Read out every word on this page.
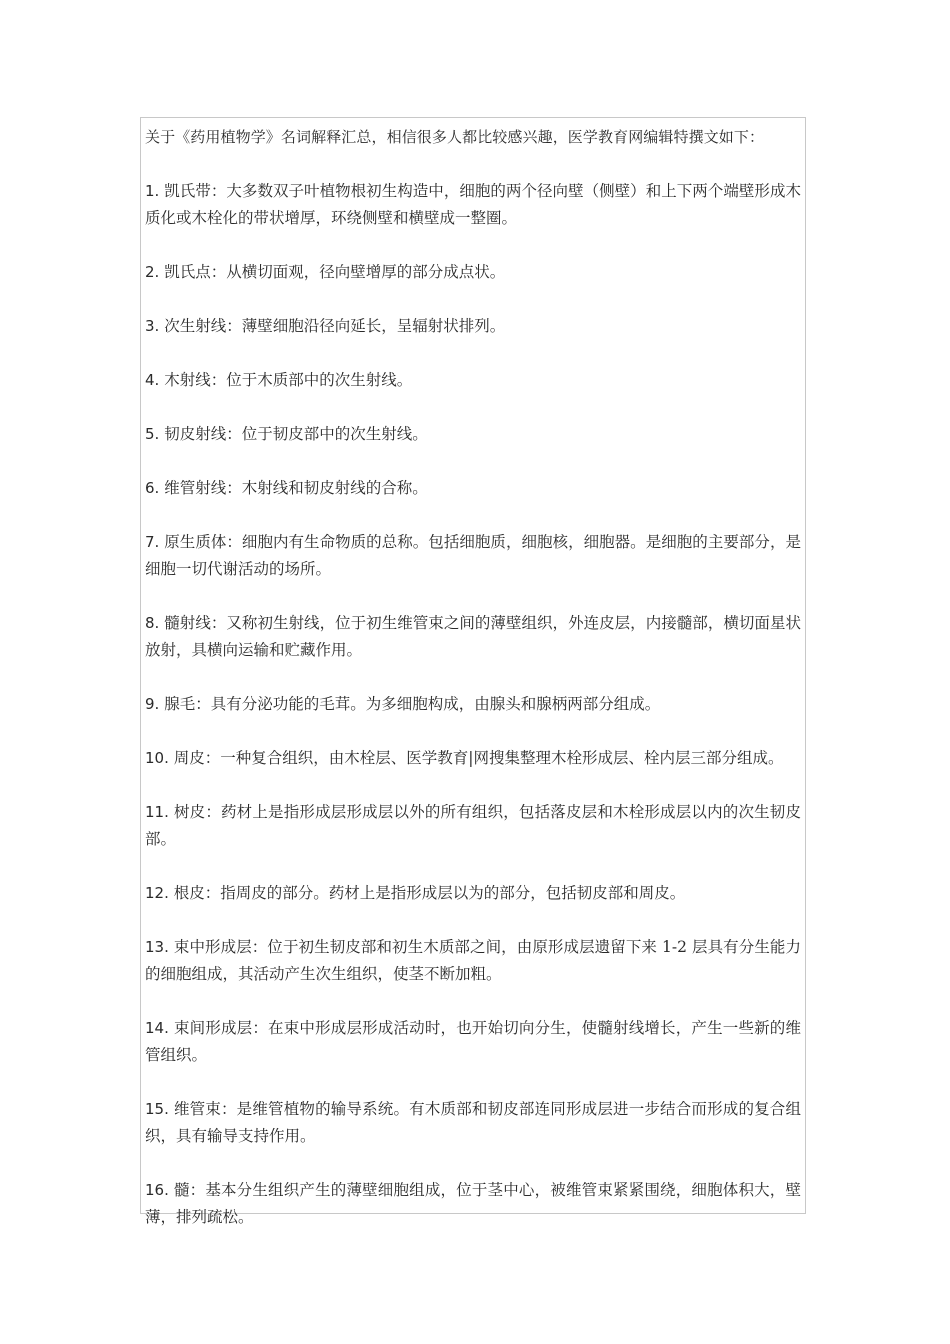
关于《药用植物学》名词解释汇总，相信很多人都比较感兴趣，医学教育网编辑特撰文如下：

1. 凯氏带：大多数双子叶植物根初生构造中，细胞的两个径向壁（侧壁）和上下两个端壁形成木质化或木栓化的带状增厚，环绕侧壁和横壁成一整圈。

2. 凯氏点：从横切面观，径向壁增厚的部分成点状。

3. 次生射线：薄壁细胞沿径向延长，呈辐射状排列。

4. 木射线：位于木质部中的次生射线。

5. 韧皮射线：位于韧皮部中的次生射线。

6. 维管射线：木射线和韧皮射线的合称。

7. 原生质体：细胞内有生命物质的总称。包括细胞质，细胞核，细胞器。是细胞的主要部分，是细胞一切代谢活动的场所。

8. 髓射线：又称初生射线，位于初生维管束之间的薄壁组织，外连皮层，内接髓部，横切面星状放射，具横向运输和贮藏作用。

9. 腺毛：具有分泌功能的毛茸。为多细胞构成，由腺头和腺柄两部分组成。

10. 周皮：一种复合组织，由木栓层、医学教育|网搜集整理木栓形成层、栓内层三部分组成。

11. 树皮：药材上是指形成层形成层以外的所有组织，包括落皮层和木栓形成层以内的次生韧皮部。

12. 根皮：指周皮的部分。药材上是指形成层以为的部分，包括韧皮部和周皮。

13. 束中形成层：位于初生韧皮部和初生木质部之间，由原形成层遗留下来 1-2 层具有分生能力的细胞组成，其活动产生次生组织，使茎不断加粗。

14. 束间形成层：在束中形成层形成活动时，也开始切向分生，使髓射线增长，产生一些新的维管组织。

15. 维管束：是维管植物的输导系统。有木质部和韧皮部连同形成层进一步结合而形成的复合组织，具有输导支持作用。

16. 髓：基本分生组织产生的薄壁细胞组成，位于茎中心，被维管束紧紧围绕，细胞体积大，壁薄，排列疏松。
